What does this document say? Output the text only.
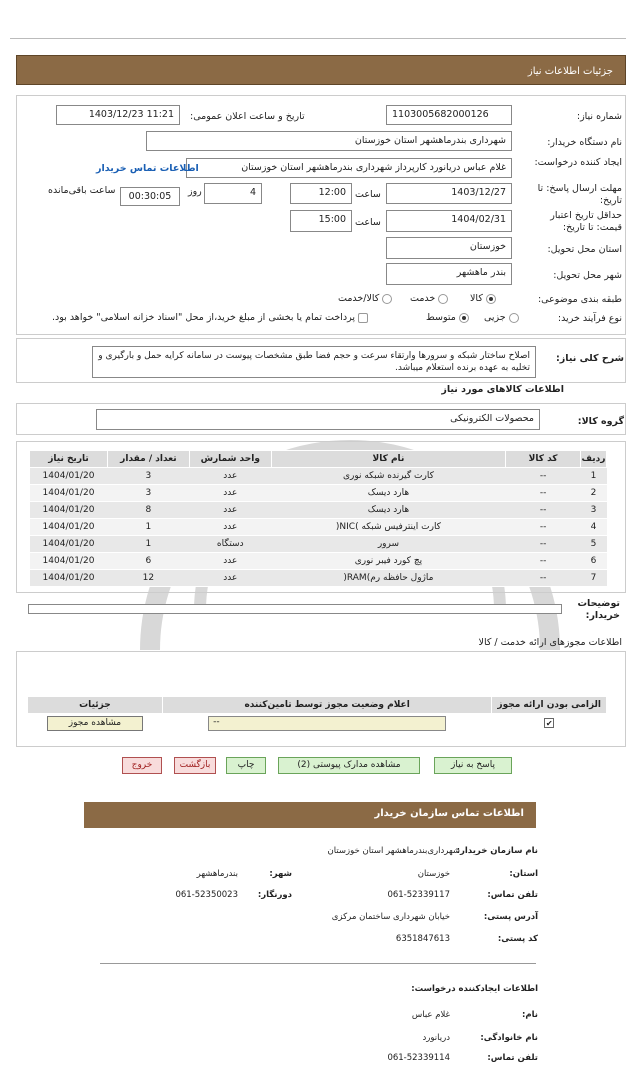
جزئیات اطلاعات نیاز
شماره نیاز:
1103005682000126
تاریخ و ساعت اعلان عمومی:
1403/12/23 11:21
نام دستگاه خریدار:
شهرداری بندرماهشهر استان خوزستان
ایجاد کننده درخواست:
غلام عباس دریانورد کارپرداز شهرداری بندرماهشهر استان خوزستان
اطلاعات تماس خریدار
مهلت ارسال پاسخ: تا تاریخ:
1403/12/27
ساعت
12:00
4
روز
00:30:05
ساعت باقی‌مانده
حداقل تاریخ اعتبار قیمت: تا تاریخ:
1404/02/31
ساعت
15:00
استان محل تحویل:
خوزستان
شهر محل تحویل:
بندر ماهشهر
طبقه بندی موضوعی:
کالا
خدمت
کالا/خدمت
نوع فرآیند خرید:
جزیی
متوسط
پرداخت تمام یا بخشی از مبلغ خرید،از محل "اسناد خزانه اسلامی" خواهد بود.
شرح کلی نیاز:
اصلاح ساختار شبکه و سرورها وارتقاء سرعت و حجم فضا طبق مشخصات پیوست در سامانه کرایه حمل و بارگیری و تخلیه به عهده برنده استعلام میباشد.
اطلاعات کالاهای مورد نیاز
گروه کالا:
محصولات الکترونیکی
ردیف	کد کالا	نام کالا	واحد شمارش	تعداد / مقدار	تاریخ نیاز
1	--	کارت گیرنده شبکه نوری	عدد	3	1404/01/20
2	--	هارد دیسک	عدد	3	1404/01/20
3	--	هارد دیسک	عدد	8	1404/01/20
4	--	کارت اینترفیس شبکه )NIC(	عدد	1	1404/01/20
5	--	سرور	دستگاه	1	1404/01/20
6	--	پچ کورد فیبر نوری	عدد	6	1404/01/20
7	--	ماژول حافظه رم)RAM(	عدد	12	1404/01/20
توضیحات خریدار:
اطلاعات مجوزهای ارائه خدمت / کالا
الزامی بودن ارائه مجوز	اعلام وضعیت مجوز توسط تامین‌کننده	جزئیات
✔	--	مشاهده مجوز
پاسخ به نیاز
مشاهده مدارک پیوستی (2)
چاپ
بازگشت
خروج
اطلاعات تماس سازمان خریدار
نام سازمان خریدار:
شهرداری‌بندرماهشهر استان خوزستان
استان:
خوزستان
شهر:
بندرماهشهر
تلفن تماس:
061-52339117
دورنگار:
061-52350023
آدرس پستی:
خیابان شهرداری ساختمان مرکزی
کد پستی:
6351847613
اطلاعات ایجادکننده درخواست:
نام:
غلام عباس
نام خانوادگی:
دریانورد
تلفن تماس:
061-52339114
